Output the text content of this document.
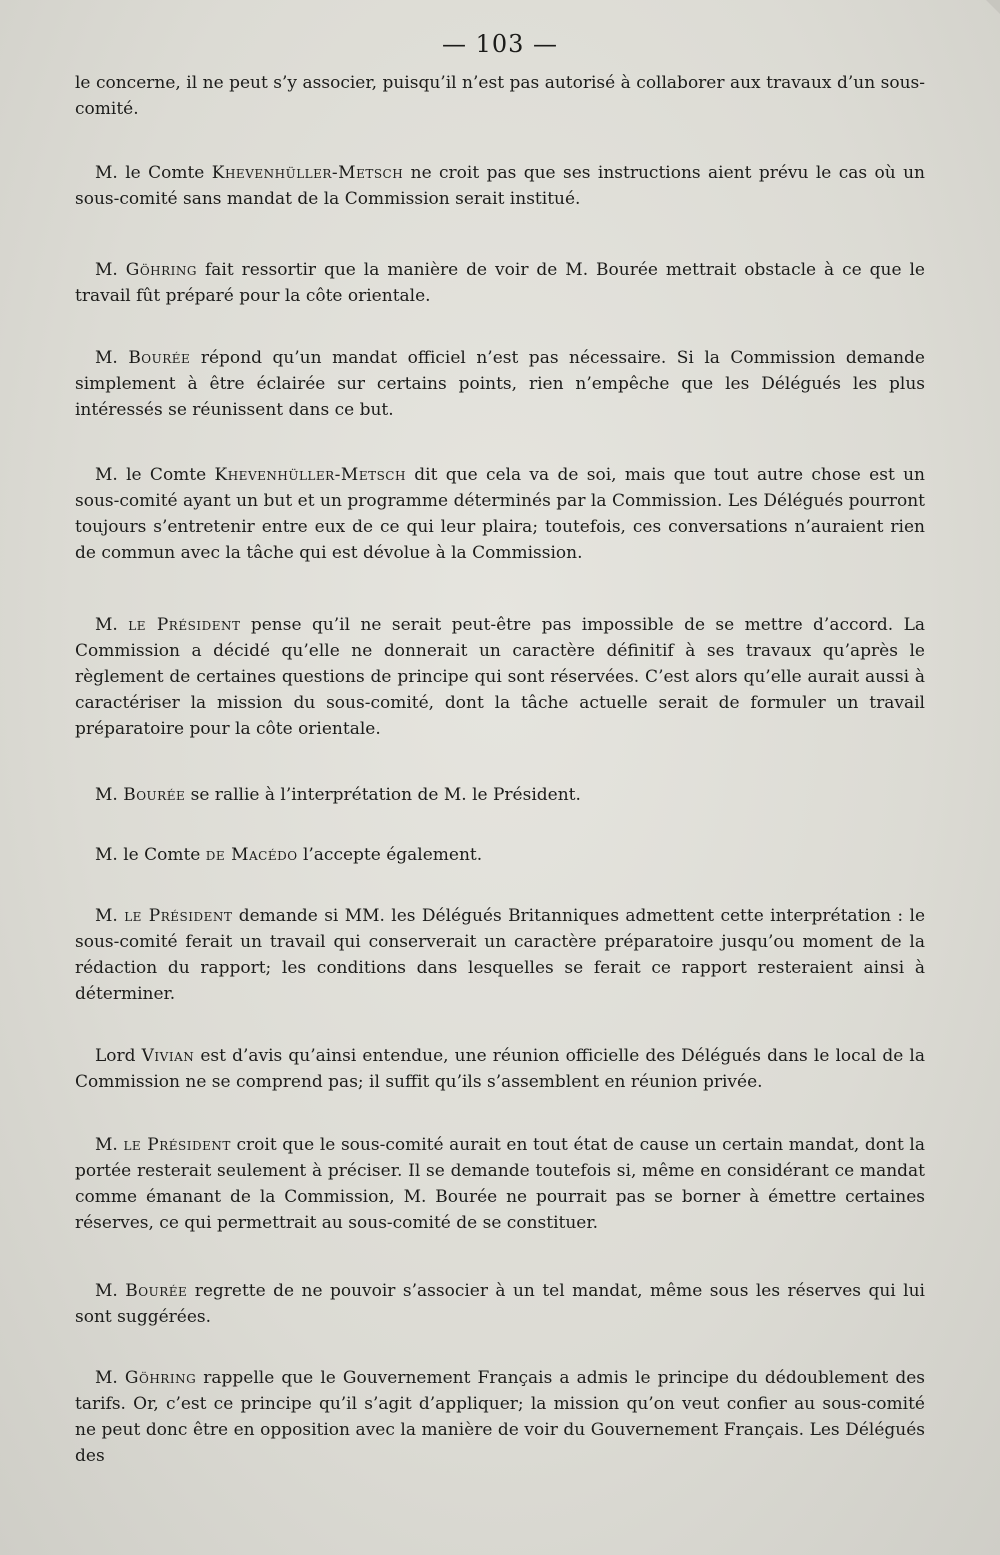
— 103 —

le concerne, il ne peut s’y associer, puisqu’il n’est pas autorisé à collaborer aux travaux d’un sous-comité.

M. le Comte Khevenhüller-Metsch ne croit pas que ses instructions aient prévu le cas où un sous-comité sans mandat de la Commission serait institué.

M. Göhring fait ressortir que la manière de voir de M. Bourée mettrait obstacle à ce que le travail fût préparé pour la côte orientale.

M. Bourée répond qu’un mandat officiel n’est pas nécessaire. Si la Commission demande simplement à être éclairée sur certains points, rien n’empêche que les Délégués les plus intéressés se réunissent dans ce but.

M. le Comte Khevenhüller-Metsch dit que cela va de soi, mais que tout autre chose est un sous-comité ayant un but et un programme déterminés par la Commission. Les Délégués pourront toujours s’entretenir entre eux de ce qui leur plaira; toutefois, ces conversations n’auraient rien de commun avec la tâche qui est dévolue à la Commission.

M. le Président pense qu’il ne serait peut-être pas impossible de se mettre d’accord. La Commission a décidé qu’elle ne donnerait un caractère définitif à ses travaux qu’après le règlement de certaines questions de principe qui sont réservées. C’est alors qu’elle aurait aussi à caractériser la mission du sous-comité, dont la tâche actuelle serait de formuler un travail préparatoire pour la côte orientale.

M. Bourée se rallie à l’interprétation de M. le Président.

M. le Comte de Macédo l’accepte également.

M. le Président demande si MM. les Délégués Britanniques admettent cette interprétation : le sous-comité ferait un travail qui conserverait un caractère préparatoire jusqu’ou moment de la rédaction du rapport; les conditions dans lesquelles se ferait ce rapport resteraient ainsi à déterminer.

Lord Vivian est d’avis qu’ainsi entendue, une réunion officielle des Délégués dans le local de la Commission ne se comprend pas; il suffit qu’ils s’assemblent en réunion privée.

M. le Président croit que le sous-comité aurait en tout état de cause un certain mandat, dont la portée resterait seulement à préciser. Il se demande toutefois si, même en considérant ce mandat comme émanant de la Commission, M. Bourée ne pourrait pas se borner à émettre certaines réserves, ce qui permettrait au sous-comité de se constituer.

M. Bourée regrette de ne pouvoir s’associer à un tel mandat, même sous les réserves qui lui sont suggérées.

M. Göhring rappelle que le Gouvernement Français a admis le principe du dédoublement des tarifs. Or, c’est ce principe qu’il s’agit d’appliquer; la mission qu’on veut confier au sous-comité ne peut donc être en opposition avec la manière de voir du Gouvernement Français. Les Délégués des
